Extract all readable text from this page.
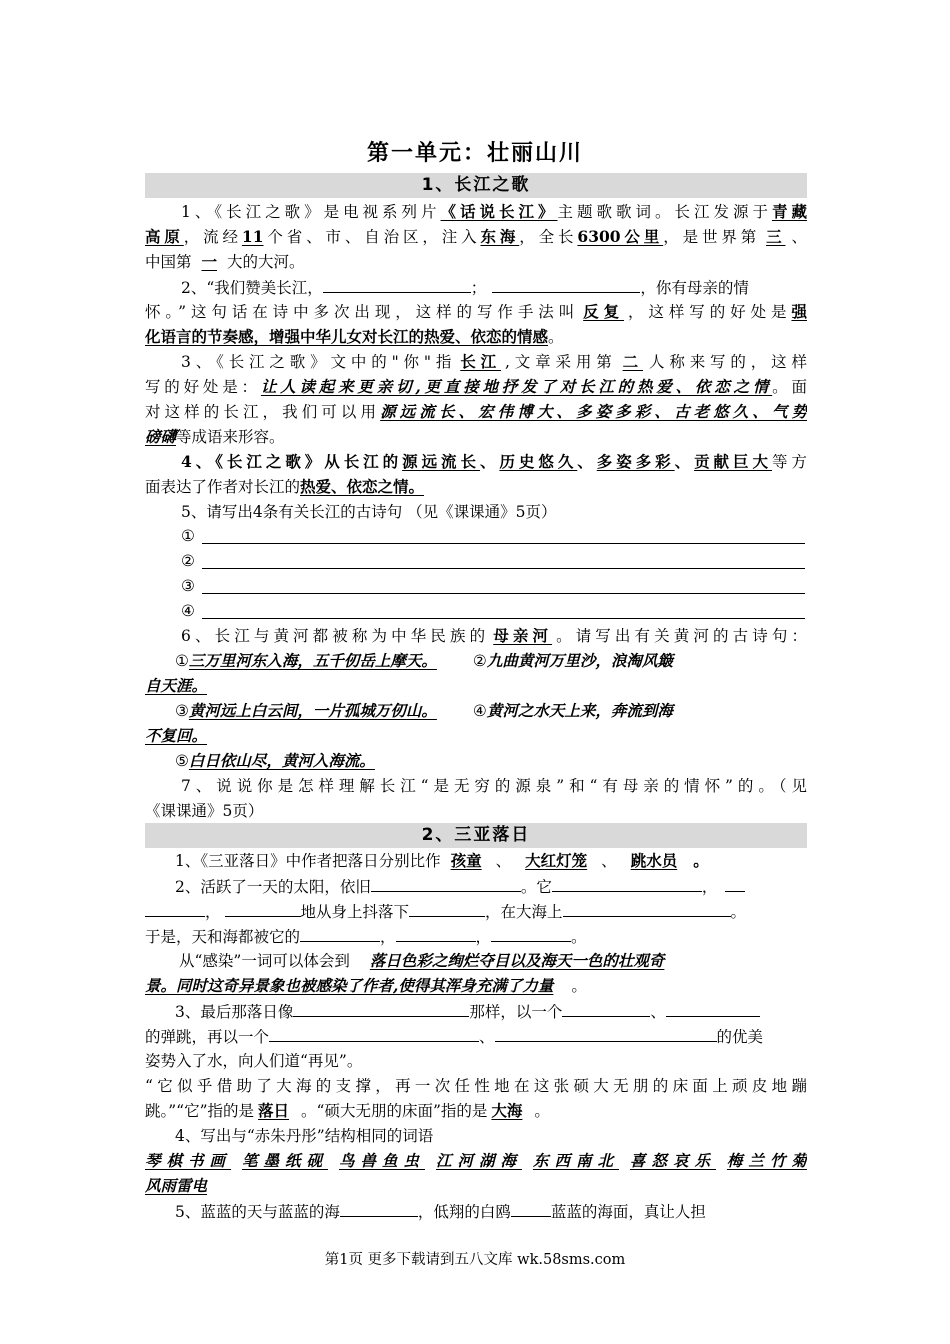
第一单元：壮丽山川
1、长江之歌
1、《长江之歌》是电视系列片《话说长江》主题歌歌词。长江发源于青藏
高原，流经11个省、市、自治区，注入东海，全长6300公里，是世界第 三 、
中国第 一 大的大河。
2、“我们赞美长江，	；	，你有母亲的情
怀。”这句话在诗中多次出现，这样的写作手法叫 反复 ，这样写的好处是强
化语言的节奏感，增强中华儿女对长江的热爱、依恋的情感。
3、《长江之歌》文中的"你"指 长江 ,文章采用第 二 人称来写的，这样
写的好处是：让人读起来更亲切,更直接地抒发了对长江的热爱、依恋之情。面
对这样的长江，我们可以用源远流长、宏伟博大、多姿多彩、古老悠久、气势
磅礴等成语来形容。
4、《长江之歌》从长江的源远流长、历史悠久、多姿多彩、贡献巨大等方
面表达了作者对长江的热爱、依恋之情。
5、请写出4条有关长江的古诗句 （见《课课通》5页）
①
②
③
④
6、长江与黄河都被称为中华民族的 母亲河 。请写出有关黄河的古诗句：
①三万里河东入海，五千仞岳上摩天。 ②九曲黄河万里沙，浪淘风簸
自天涯。
③黄河远上白云间，一片孤城万仞山。 ④黄河之水天上来，奔流到海
不复回。
⑤白日依山尽，黄河入海流。
7、说说你是怎样理解长江“是无穷的源泉”和“有母亲的情怀”的。（见
《课课通》5页）
2、三亚落日
1、《三亚落日》中作者把落日分别比作 孩童 、 大红灯笼 、 跳水员 。
2、活跃了一天的太阳，依旧	。它	，
，	地从身上抖落下	，在大海上	。
于是，天和海都被它的	，	，	。
从“感染”一词可以体会到 落日色彩之绚烂夺目以及海天一色的壮观奇
景。同时这奇异景象也被感染了作者,使得其浑身充满了力量 。
3、最后那落日像	那样，以一个	、
的弹跳，再以一个	、	的优美
姿势入了水，向人们道“再见”。
“它似乎借助了大海的支撑，再一次任性地在这张硕大无朋的床面上顽皮地蹦
跳。”“它”指的是 落日 。“硕大无朋的床面”指的是 大海 。
4、写出与“赤朱丹彤”结构相同的词语
琴棋书画 笔墨纸砚 鸟兽鱼虫 江河湖海 东西南北 喜怒哀乐 梅兰竹菊
风雨雷电
5、蓝蓝的天与蓝蓝的海	，低翔的白鸥	蓝蓝的海面，真让人担
第1页 更多下载请到五八文库 wk.58sms.com
